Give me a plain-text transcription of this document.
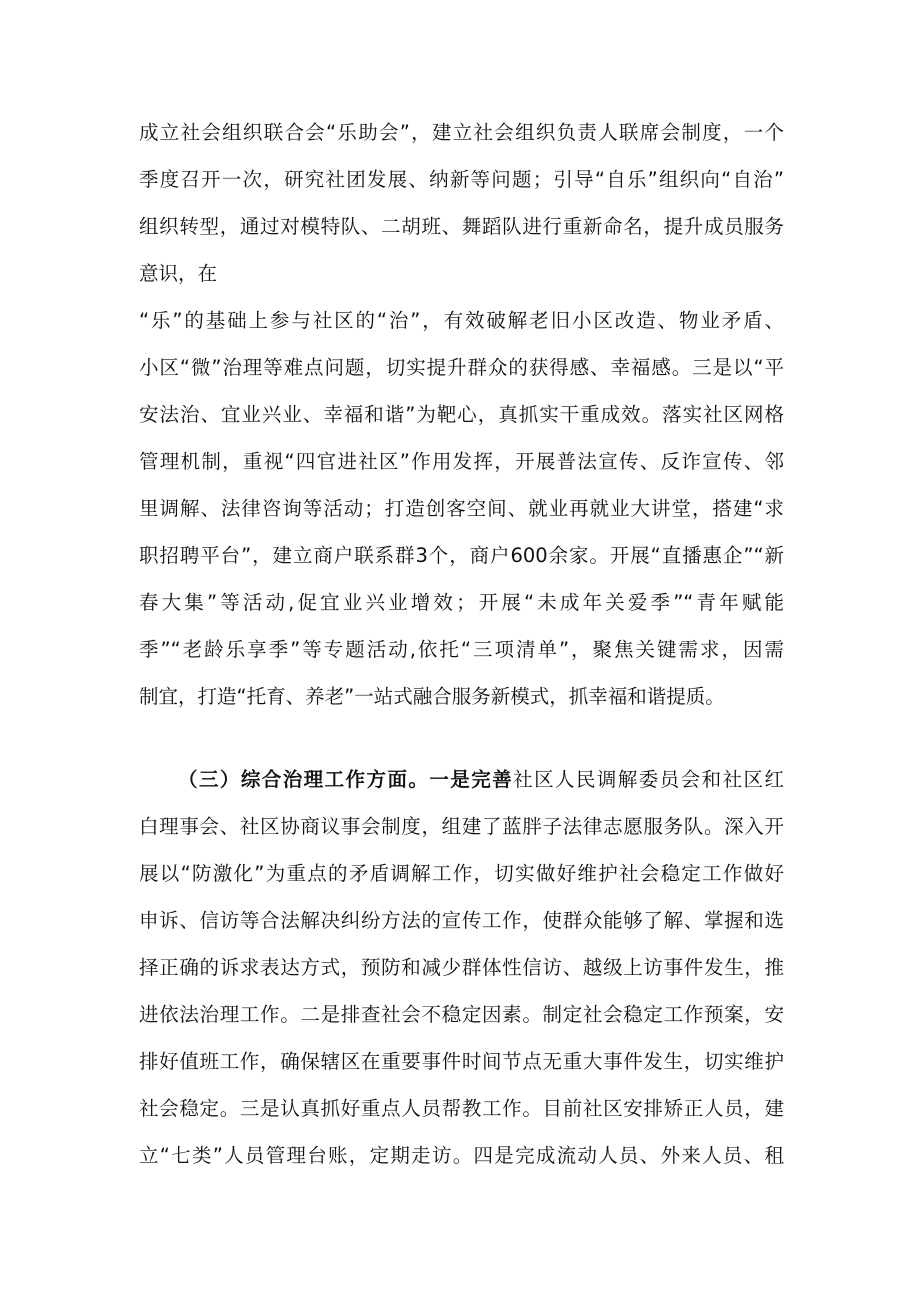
成立社会组织联合会“乐助会”，建立社会组织负责人联席会制度，一个
季度召开一次，研究社团发展、纳新等问题；引导“自乐”组织向“自治”
组织转型，通过对模特队、二胡班、舞蹈队进行重新命名，提升成员服务
意识，在
“乐”的基础上参与社区的“治”，有效破解老旧小区改造、物业矛盾、
小区“微”治理等难点问题，切实提升群众的获得感、幸福感。三是以“平
安法治、宜业兴业、幸福和谐”为靶心，真抓实干重成效。落实社区网格
管理机制，重视“四官进社区”作用发挥，开展普法宣传、反诈宣传、邻
里调解、法律咨询等活动；打造创客空间、就业再就业大讲堂，搭建“求
职招聘平台”，建立商户联系群3个，商户600余家。开展“直播惠企”“新
春大集”等活动,促宜业兴业增效；开展“未成年关爱季”“青年赋能
季”“老龄乐享季”等专题活动,依托“三项清单”，聚焦关键需求，因需
制宜，打造“托育、养老”一站式融合服务新模式，抓幸福和谐提质。
（三）综合治理工作方面。一是完善社区人民调解委员会和社区红
白理事会、社区协商议事会制度，组建了蓝胖子法律志愿服务队。深入开
展以“防激化”为重点的矛盾调解工作，切实做好维护社会稳定工作做好
申诉、信访等合法解决纠纷方法的宣传工作，使群众能够了解、掌握和选
择正确的诉求表达方式，预防和减少群体性信访、越级上访事件发生，推
进依法治理工作。二是排查社会不稳定因素。制定社会稳定工作预案，安
排好值班工作，确保辖区在重要事件时间节点无重大事件发生，切实维护
社会稳定。三是认真抓好重点人员帮教工作。目前社区安排矫正人员，建
立“七类”人员管理台账，定期走访。四是完成流动人员、外来人员、租
